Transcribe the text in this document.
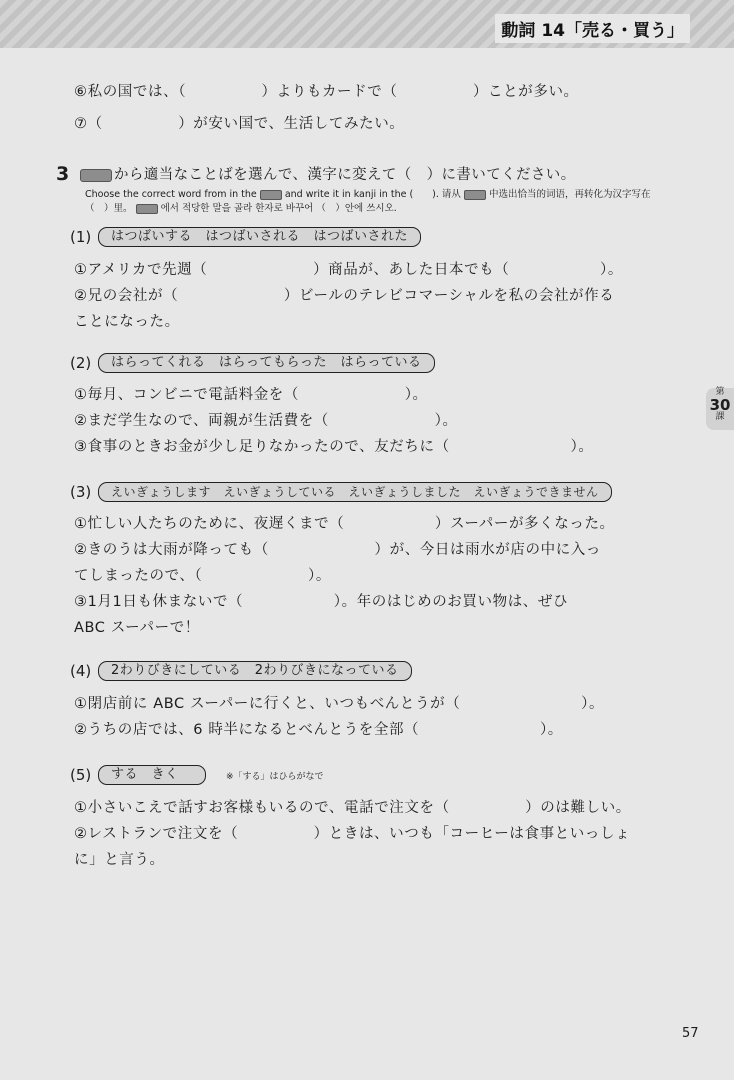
動詞 14「売る・買う」
第
30
課
⑥私の国では、（　　　　　）よりもカードで（　　　　　）ことが多い。
⑦（　　　　　）が安い国で、生活してみたい。
3	から適当なことばを選んで、漢字に変えて（　）に書いてください。
Choose the correct word from in the	and write it in kanji in the (　　). 请从	中选出恰当的词语，再转化为汉字写在
（　）里。	에서 적당한 말을 골라 한자로 바꾸어 （　）안에 쓰시오.
(1)	はつばいする　はつばいされる　はつばいされた
①アメリカで先週（　　　　　　　）商品が、あした日本でも（　　　　　　）。
②兄の会社が（　　　　　　　）ビールのテレビコマーシャルを私の会社が作る
ことになった。
(2)	はらってくれる　はらってもらった　はらっている
①毎月、コンビニで電話料金を（　　　　　　　）。
②まだ学生なので、両親が生活費を（　　　　　　　）。
③食事のときお金が少し足りなかったので、友だちに（　　　　　　　　）。
(3)	えいぎょうします　えいぎょうしている　えいぎょうしました　えいぎょうできません
①忙しい人たちのために、夜遅くまで（　　　　　　）スーパーが多くなった。
②きのうは大雨が降っても（　　　　　　　）が、今日は雨水が店の中に入っ
てしまったので、（　　　　　　　）。
③1月1日も休まないで（　　　　　　）。年のはじめのお買い物は、ぜひ
ABC スーパーで！
(4)	2わりびきにしている　2わりびきになっている
①閉店前に ABC スーパーに行くと、いつもべんとうが（　　　　　　　　）。
②うちの店では、6 時半になるとべんとうを全部（　　　　　　　　）。
(5)	する　きく	※「する」はひらがなで
①小さいこえで話すお客様もいるので、電話で注文を（　　　　　）のは難しい。
②レストランで注文を（　　　　　）ときは、いつも「コーヒーは食事といっしょ
に」と言う。
57
